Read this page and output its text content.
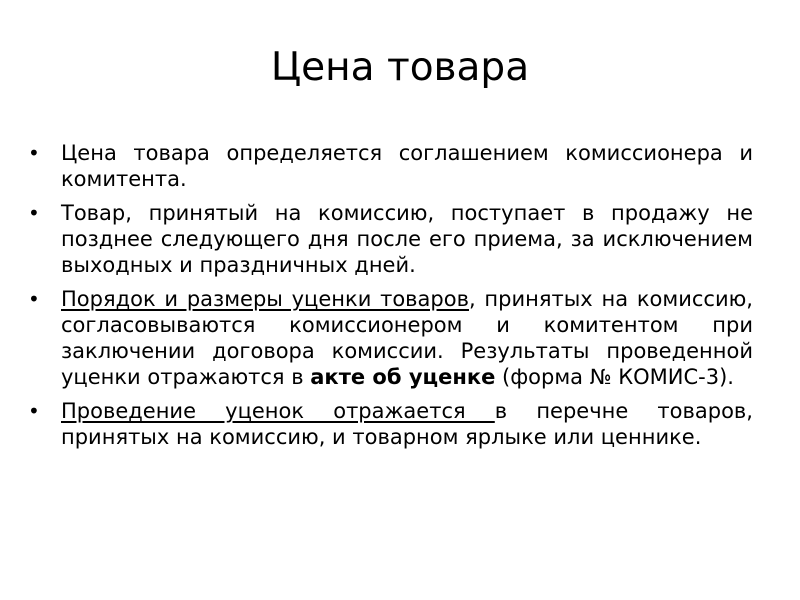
Цена товара
•	Цена товара определяется соглашением комиссионера и комитента.
•	Товар, принятый на комиссию, поступает в продажу не позднее следующего дня после его приема, за исключением выходных и праздничных дней.
•	Порядок и размеры уценки товаров, принятых на комиссию, согласовываются комиссионером и комитентом при заключении договора комиссии. Результаты проведенной уценки отражаются в акте об уценке (форма № КОМИС-3).
•	Проведение уценок отражается в перечне товаров, принятых на комиссию, и товарном ярлыке или ценнике.
